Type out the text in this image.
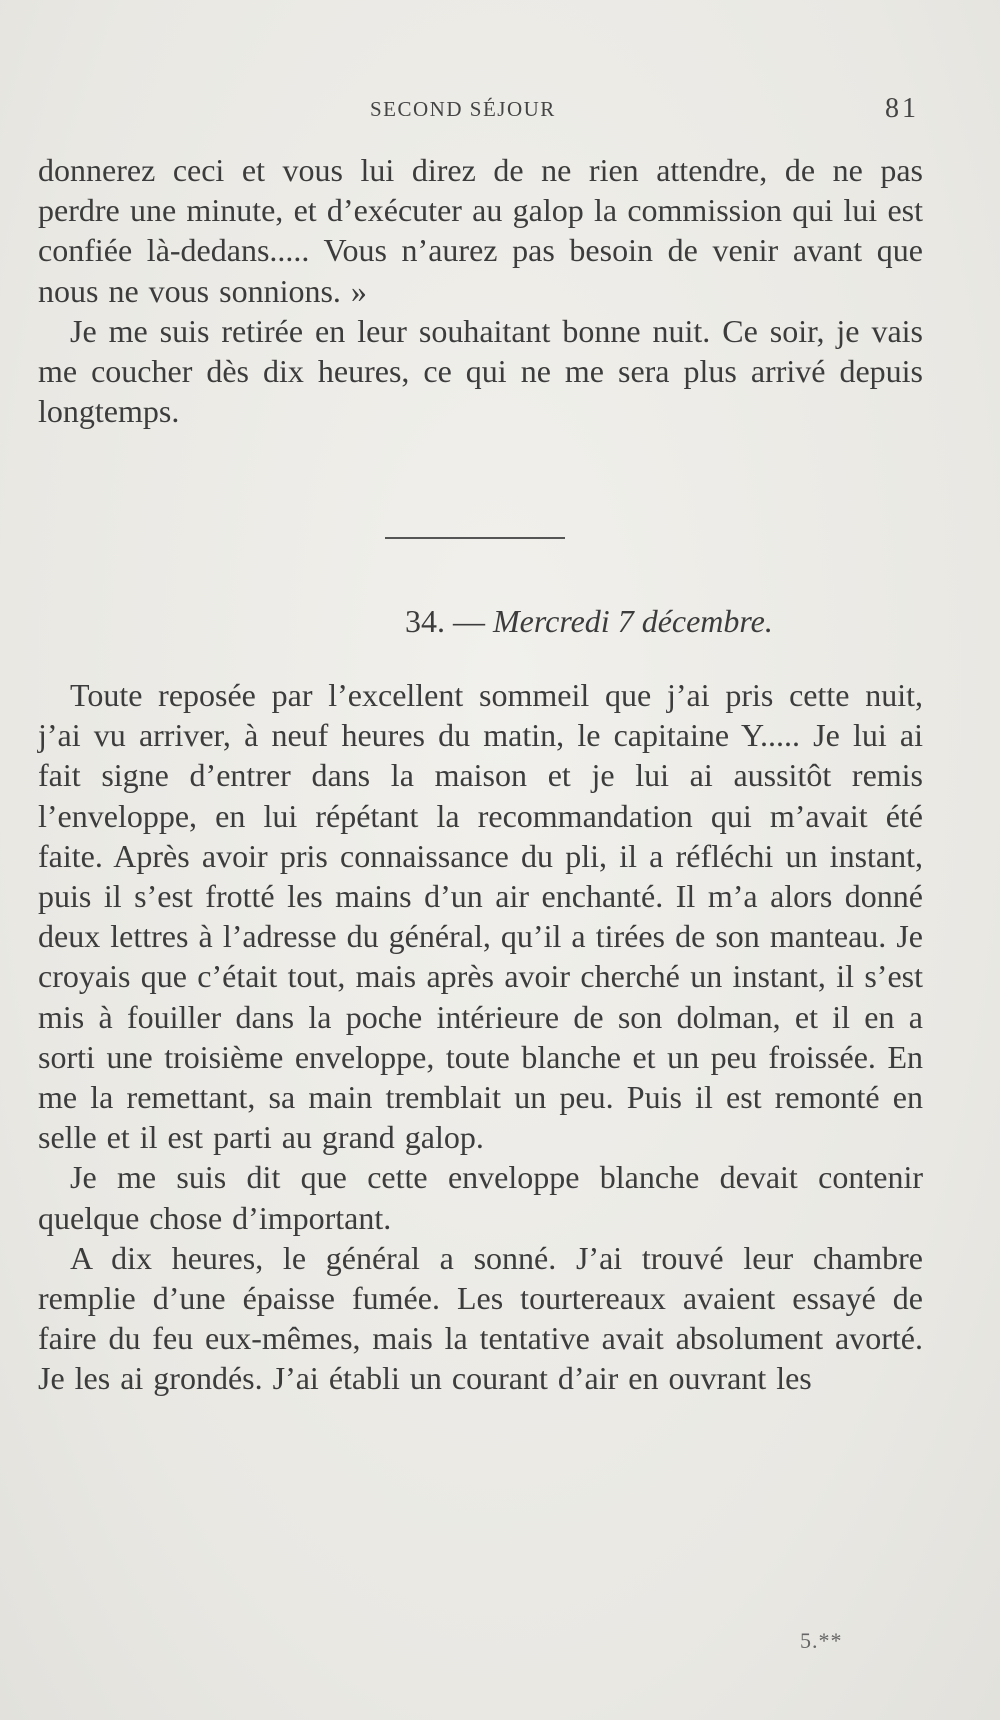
SECOND SÉJOUR	81

donnerez ceci et vous lui direz de ne rien attendre, de ne pas perdre une minute, et d’exécuter au galop la commission qui lui est confiée là-dedans..... Vous n’aurez pas besoin de venir avant que nous ne vous sonnions. »

Je me suis retirée en leur souhaitant bonne nuit. Ce soir, je vais me coucher dès dix heures, ce qui ne me sera plus arrivé depuis longtemps.

34. — Mercredi 7 décembre.

Toute reposée par l’excellent sommeil que j’ai pris cette nuit, j’ai vu arriver, à neuf heures du matin, le capitaine Y..... Je lui ai fait signe d’entrer dans la maison et je lui ai aussitôt remis l’enveloppe, en lui répétant la recommandation qui m’avait été faite. Après avoir pris connaissance du pli, il a réfléchi un instant, puis il s’est frotté les mains d’un air enchanté. Il m’a alors donné deux lettres à l’adresse du général, qu’il a tirées de son manteau. Je croyais que c’était tout, mais après avoir cherché un instant, il s’est mis à fouiller dans la poche intérieure de son dolman, et il en a sorti une troisième enveloppe, toute blanche et un peu froissée. En me la remettant, sa main tremblait un peu. Puis il est remonté en selle et il est parti au grand galop.

Je me suis dit que cette enveloppe blanche devait contenir quelque chose d’important.

A dix heures, le général a sonné. J’ai trouvé leur chambre remplie d’une épaisse fumée. Les tourtereaux avaient essayé de faire du feu eux-mêmes, mais la tentative avait absolument avorté. Je les ai grondés. J’ai établi un courant d’air en ouvrant les

5.**
